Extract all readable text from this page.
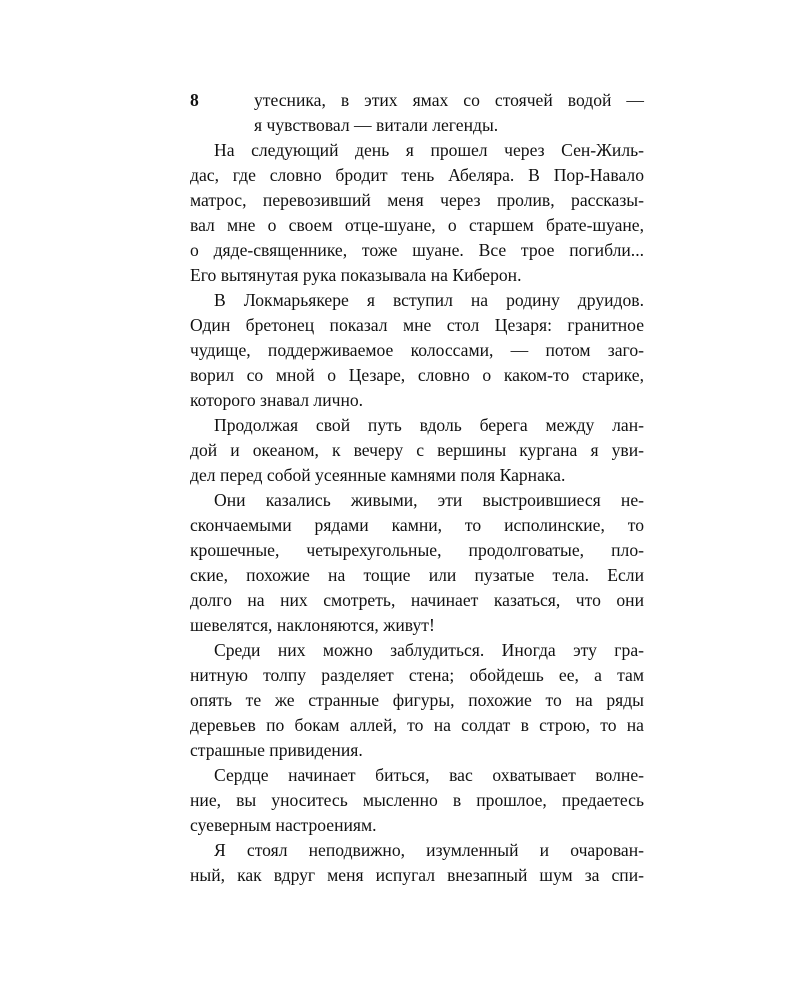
8	утесника, в этих ямах со стоячей водой —
я чувствовал — витали легенды.
На следующий день я прошел через Сен-Жиль-
дас, где словно бродит тень Абеляра. В Пор-Навало
матрос, перевозивший меня через пролив, рассказы-
вал мне о своем отце-шуане, о старшем брате-шуане,
о дяде-священнике, тоже шуане. Все трое погибли...
Его вытянутая рука показывала на Киберон.
В Локмарьякере я вступил на родину друидов.
Один бретонец показал мне стол Цезаря: гранитное
чудище, поддерживаемое колоссами, — потом заго-
ворил со мной о Цезаре, словно о каком-то старике,
которого знавал лично.
Продолжая свой путь вдоль берега между лан-
дой и океаном, к вечеру с вершины кургана я уви-
дел перед собой усеянные камнями поля Карнака.
Они казались живыми, эти выстроившиеся не-
скончаемыми рядами камни, то исполинские, то
крошечные, четырехугольные, продолговатые, пло-
ские, похожие на тощие или пузатые тела. Если
долго на них смотреть, начинает казаться, что они
шевелятся, наклоняются, живут!
Среди них можно заблудиться. Иногда эту гра-
нитную толпу разделяет стена; обойдешь ее, а там
опять те же странные фигуры, похожие то на ряды
деревьев по бокам аллей, то на солдат в строю, то на
страшные привидения.
Сердце начинает биться, вас охватывает волне-
ние, вы уноситесь мысленно в прошлое, предаетесь
суеверным настроениям.
Я стоял неподвижно, изумленный и очарован-
ный, как вдруг меня испугал внезапный шум за спи-
